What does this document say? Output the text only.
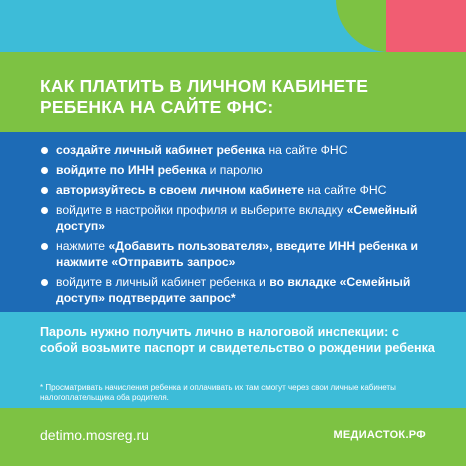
КАК ПЛАТИТЬ В ЛИЧНОМ КАБИНЕТЕ
РЕБЕНКА НА САЙТЕ ФНС:
создайте личный кабинет ребенка на сайте ФНС
войдите по ИНН ребенка и паролю
авторизуйтесь в своем личном кабинете на сайте ФНС
войдите в настройки профиля и выберите вкладку «Семейный доступ»
нажмите «Добавить пользователя», введите ИНН ребенка и нажмите «Отправить запрос»
войдите в личный кабинет ребенка и во вкладке «Семейный доступ» подтвердите запрос*

Пароль нужно получить лично в налоговой инспекции: с собой возьмите паспорт и свидетельство о рождении ребенка

* Просматривать начисления ребенка и оплачивать их там смогут через свои личные кабинеты налогоплательщика оба родителя.

detimo.mosreg.ru	МЕДИАСТОК.РФ
